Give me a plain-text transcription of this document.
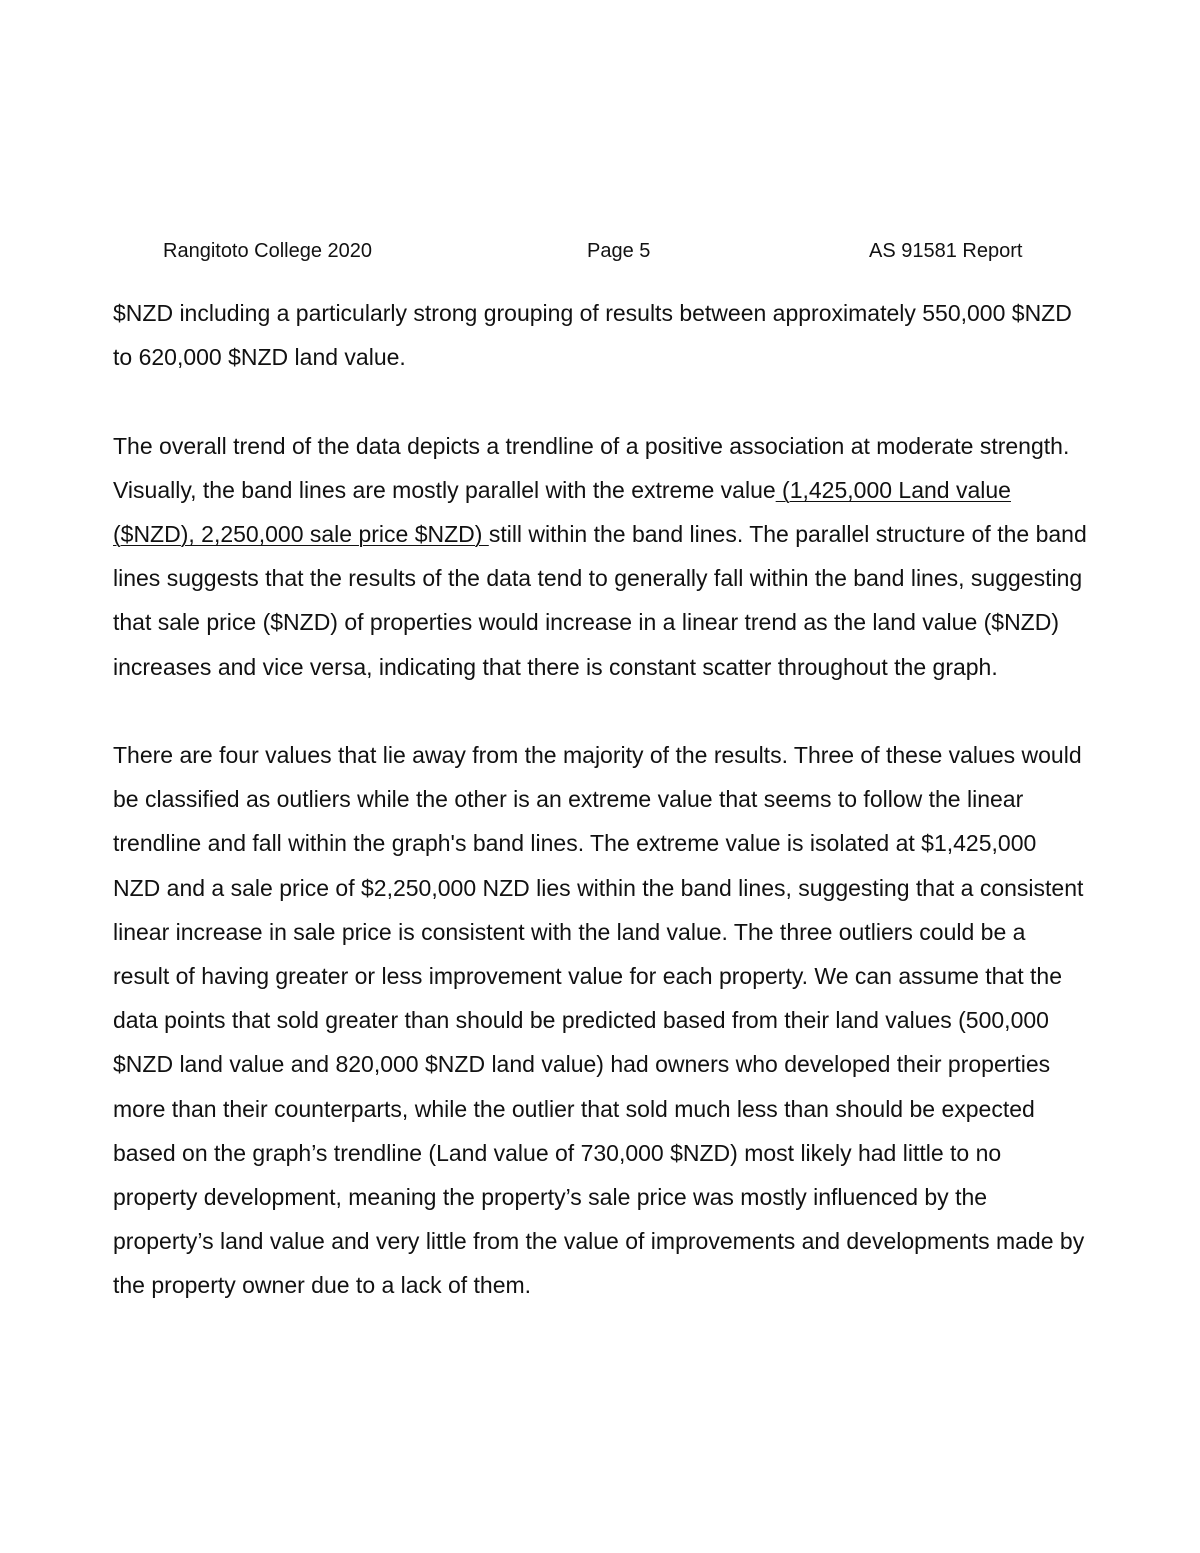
Rangitoto College 2020	Page 5	AS 91581 Report

$NZD including a particularly strong grouping of results between approximately 550,000 $NZD to 620,000 $NZD land value.

The overall trend of the data depicts a trendline of a positive association at moderate strength. Visually, the band lines are mostly parallel with the extreme value (1,425,000 Land value ($NZD), 2,250,000 sale price $NZD) still within the band lines. The parallel structure of the band lines suggests that the results of the data tend to generally fall within the band lines, suggesting that sale price ($NZD) of properties would increase in a linear trend as the land value ($NZD) increases and vice versa, indicating that there is constant scatter throughout the graph.

There are four values that lie away from the majority of the results. Three of these values would be classified as outliers while the other is an extreme value that seems to follow the linear trendline and fall within the graph's band lines. The extreme value is isolated at $1,425,000 NZD and a sale price of $2,250,000 NZD lies within the band lines, suggesting that a consistent linear increase in sale price is consistent with the land value. The three outliers could be a result of having greater or less improvement value for each property. We can assume that the data points that sold greater than should be predicted based from their land values (500,000 $NZD land value and 820,000 $NZD land value) had owners who developed their properties more than their counterparts, while the outlier that sold much less than should be expected based on the graph’s trendline (Land value of 730,000 $NZD) most likely had little to no property development, meaning the property’s sale price was mostly influenced by the property’s land value and very little from the value of improvements and developments made by the property owner due to a lack of them.
